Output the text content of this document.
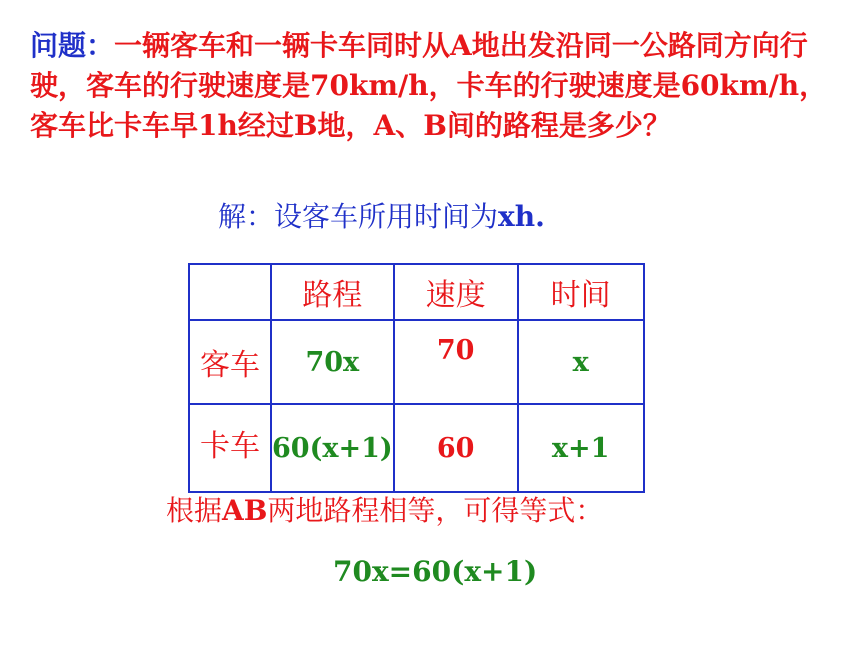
问题：一辆客车和一辆卡车同时从A地出发沿同一公路同方向行驶，客车的行驶速度是70km/h，卡车的行驶速度是60km/h，客车比卡车早1h经过B地，A、B间的路程是多少？
解：设客车所用时间为xh.
	路程	速度	时间
客车	70x	70	x
卡车	60(x+1)	60	x+1
根据AB两地路程相等，可得等式：
70x=60(x+1)
